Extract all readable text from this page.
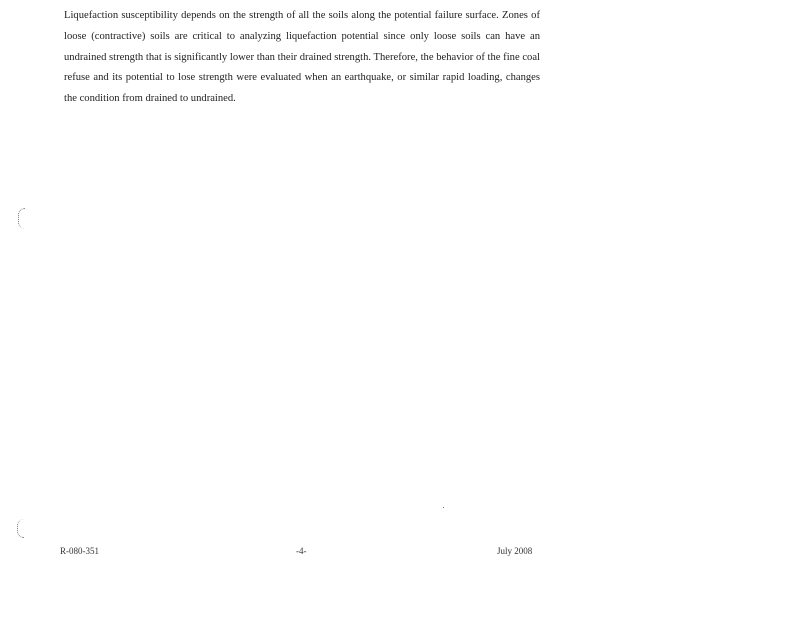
Liquefaction susceptibility depends on the strength of all the soils along the potential failure surface. Zones of loose (contractive) soils are critical to analyzing liquefaction potential since only loose soils can have an undrained strength that is significantly lower than their drained strength. Therefore, the behavior of the fine coal refuse and its potential to lose strength were evaluated when an earthquake, or similar rapid loading, changes the condition from drained to undrained.

R-080-351	-4-	July 2008
